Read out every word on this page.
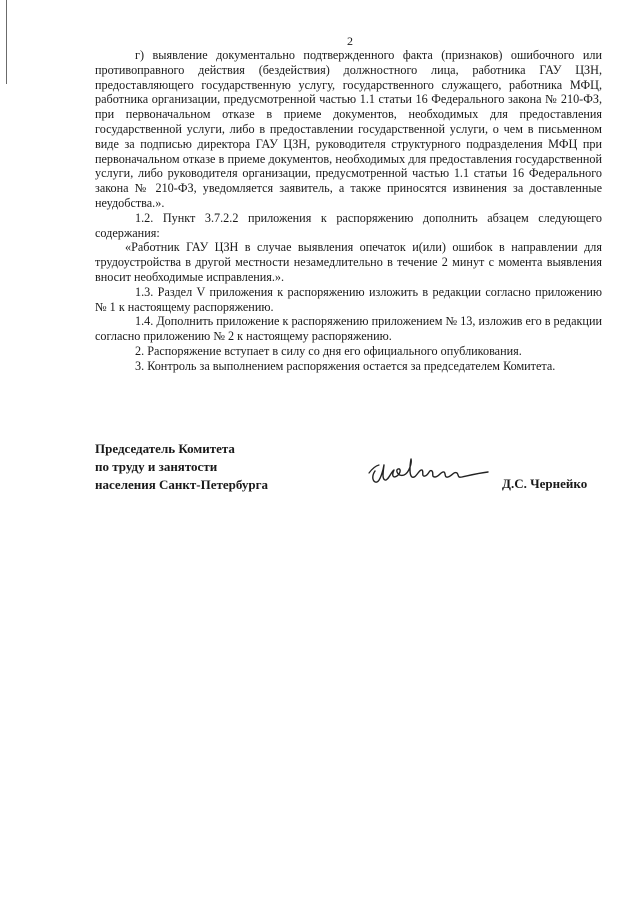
2

г) выявление документально подтвержденного факта (признаков) ошибочного или противоправного действия (бездействия) должностного лица, работника ГАУ ЦЗН, предоставляющего государственную услугу, государственного служащего, работника МФЦ, работника организации, предусмотренной частью 1.1 статьи 16 Федерального закона № 210-ФЗ, при первоначальном отказе в приеме документов, необходимых для предоставления государственной услуги, либо в предоставлении государственной услуги, о чем в письменном виде за подписью директора ГАУ ЦЗН, руководителя структурного подразделения МФЦ при первоначальном отказе в приеме документов, необходимых для предоставления государственной услуги, либо руководителя организации, предусмотренной частью 1.1 статьи 16 Федерального закона № 210-ФЗ, уведомляется заявитель, а также приносятся извинения за доставленные неудобства.».

1.2. Пункт 3.7.2.2 приложения к распоряжению дополнить абзацем следующего содержания:

«Работник ГАУ ЦЗН в случае выявления опечаток и(или) ошибок в направлении для трудоустройства в другой местности незамедлительно в течение 2 минут с момента выявления вносит необходимые исправления.».

1.3. Раздел V приложения к распоряжению изложить в редакции согласно приложению № 1 к настоящему распоряжению.

1.4. Дополнить приложение к распоряжению приложением № 13, изложив его в редакции согласно приложению № 2 к настоящему распоряжению.

2. Распоряжение вступает в силу со дня его официального опубликования.

3. Контроль за выполнением распоряжения остается за председателем Комитета.

Председатель Комитета
по труду и занятости
населения Санкт-Петербурга	Д.С. Чернейко
